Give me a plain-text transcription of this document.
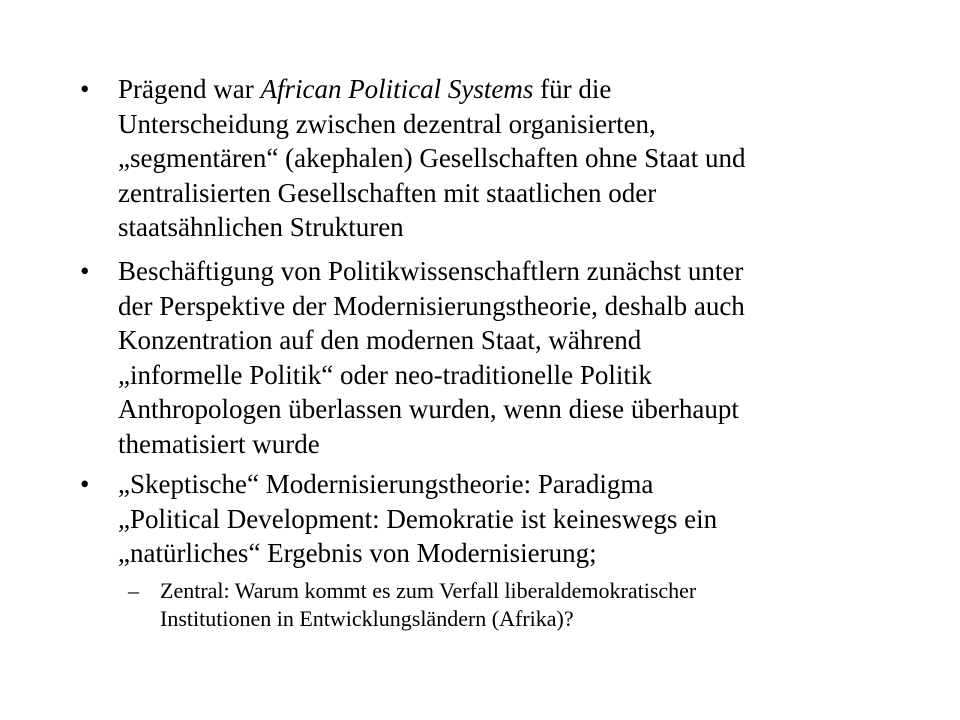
• Prägend war African Political Systems für die
Unterscheidung zwischen dezentral organisierten,
„segmentären“ (akephalen) Gesellschaften ohne Staat und
zentralisierten Gesellschaften mit staatlichen oder
staatsähnlichen Strukturen
• Beschäftigung von Politikwissenschaftlern zunächst unter
der Perspektive der Modernisierungstheorie, deshalb auch
Konzentration auf den modernen Staat, während
„informelle Politik“ oder neo-traditionelle Politik
Anthropologen überlassen wurden, wenn diese überhaupt
thematisiert wurde
• „Skeptische“ Modernisierungstheorie: Paradigma
„Political Development: Demokratie ist keineswegs ein
„natürliches“ Ergebnis von Modernisierung;
– Zentral: Warum kommt es zum Verfall liberaldemokratischer
Institutionen in Entwicklungsländern (Afrika)?
